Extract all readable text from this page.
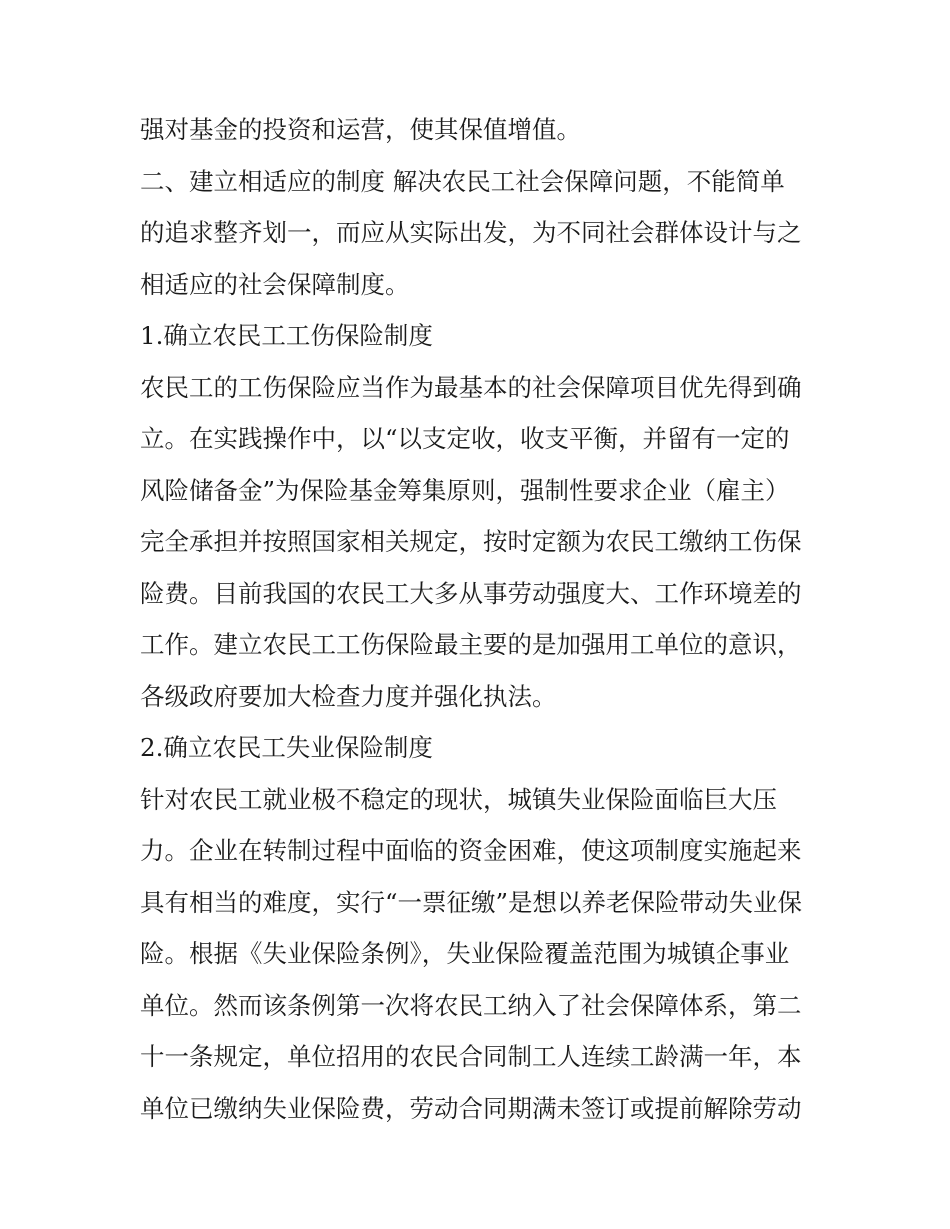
强对基金的投资和运营，使其保值增值。
二、建立相适应的制度 解决农民工社会保障问题，不能简单
的追求整齐划一，而应从实际出发，为不同社会群体设计与之
相适应的社会保障制度。
1.确立农民工工伤保险制度
农民工的工伤保险应当作为最基本的社会保障项目优先得到确
立。在实践操作中，以“以支定收，收支平衡，并留有一定的
风险储备金”为保险基金筹集原则，强制性要求企业（雇主）
完全承担并按照国家相关规定，按时定额为农民工缴纳工伤保
险费。目前我国的农民工大多从事劳动强度大、工作环境差的
工作。建立农民工工伤保险最主要的是加强用工单位的意识，
各级政府要加大检查力度并强化执法。
2.确立农民工失业保险制度
针对农民工就业极不稳定的现状，城镇失业保险面临巨大压
力。企业在转制过程中面临的资金困难，使这项制度实施起来
具有相当的难度，实行“一票征缴”是想以养老保险带动失业保
险。根据《失业保险条例》，失业保险覆盖范围为城镇企事业
单位。然而该条例第一次将农民工纳入了社会保障体系，第二
十一条规定，单位招用的农民合同制工人连续工龄满一年，本
单位已缴纳失业保险费，劳动合同期满未签订或提前解除劳动
